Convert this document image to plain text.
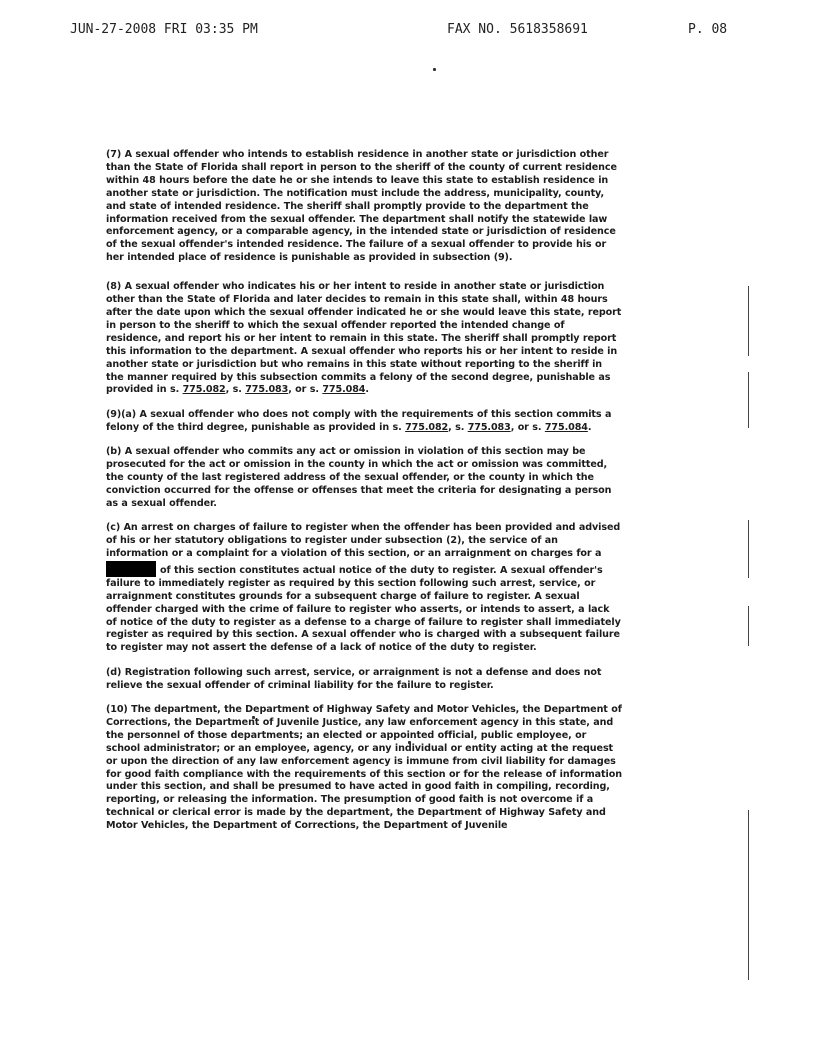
JUN-27-2008 FRI 03:35 PM	FAX NO. 5618358691	P. 08

(7) A sexual offender who intends to establish residence in another state or jurisdiction other than the State of Florida shall report in person to the sheriff of the county of current residence within 48 hours before the date he or she intends to leave this state to establish residence in another state or jurisdiction. The notification must include the address, municipality, county, and state of intended residence. The sheriff shall promptly provide to the department the information received from the sexual offender. The department shall notify the statewide law enforcement agency, or a comparable agency, in the intended state or jurisdiction of residence of the sexual offender's intended residence. The failure of a sexual offender to provide his or her intended place of residence is punishable as provided in subsection (9).

(8) A sexual offender who indicates his or her intent to reside in another state or jurisdiction other than the State of Florida and later decides to remain in this state shall, within 48 hours after the date upon which the sexual offender indicated he or she would leave this state, report in person to the sheriff to which the sexual offender reported the intended change of residence, and report his or her intent to remain in this state. The sheriff shall promptly report this information to the department. A sexual offender who reports his or her intent to reside in another state or jurisdiction but who remains in this state without reporting to the sheriff in the manner required by this subsection commits a felony of the second degree, punishable as provided in s. 775.082, s. 775.083, or s. 775.084.

(9)(a) A sexual offender who does not comply with the requirements of this section commits a felony of the third degree, punishable as provided in s. 775.082, s. 775.083, or s. 775.084.

(b) A sexual offender who commits any act or omission in violation of this section may be prosecuted for the act or omission in the county in which the act or omission was committed, the county of the last registered address of the sexual offender, or the county in which the conviction occurred for the offense or offenses that meet the criteria for designating a person as a sexual offender.

(c) An arrest on charges of failure to register when the offender has been provided and advised of his or her statutory obligations to register under subsection (2), the service of an information or a complaint for a violation of this section, or an arraignment on charges for a of this section constitutes actual notice of the duty to register. A sexual offender's failure to immediately register as required by this section following such arrest, service, or arraignment constitutes grounds for a subsequent charge of failure to register. A sexual offender charged with the crime of failure to register who asserts, or intends to assert, a lack of notice of the duty to register as a defense to a charge of failure to register shall immediately register as required by this section. A sexual offender who is charged with a subsequent failure to register may not assert the defense of a lack of notice of the duty to register.

(d) Registration following such arrest, service, or arraignment is not a defense and does not relieve the sexual offender of criminal liability for the failure to register.

(10) The department, the Department of Highway Safety and Motor Vehicles, the Department of Corrections, the Department of Juvenile Justice, any law enforcement agency in this state, and the personnel of those departments; an elected or appointed official, public employee, or school administrator; or an employee, agency, or any individual or entity acting at the request or upon the direction of any law enforcement agency is immune from civil liability for damages for good faith compliance with the requirements of this section or for the release of information under this section, and shall be presumed to have acted in good faith in compiling, recording, reporting, or releasing the information. The presumption of good faith is not overcome if a technical or clerical error is made by the department, the Department of Highway Safety and Motor Vehicles, the Department of Corrections, the Department of Juvenile
